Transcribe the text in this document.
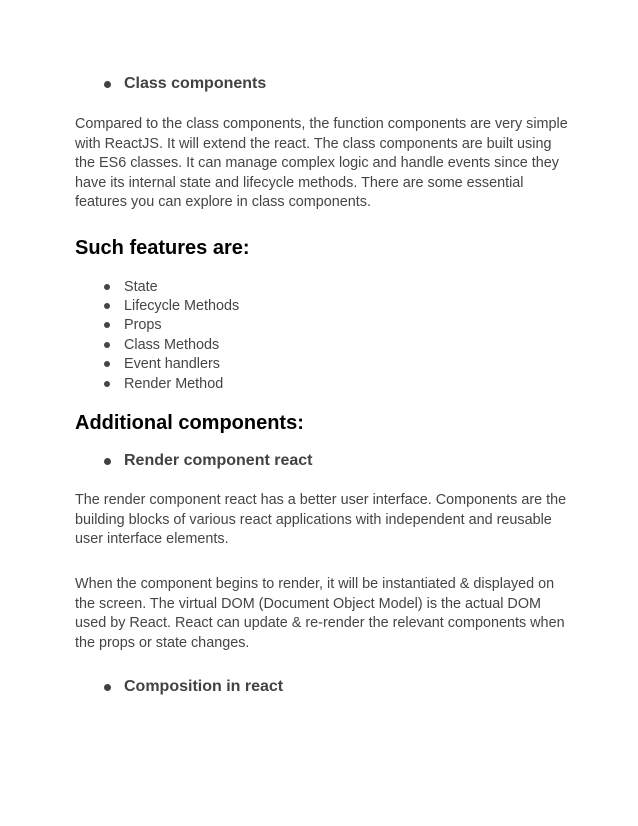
Class components

Compared to the class components, the function components are very simple with ReactJS. It will extend the react. The class components are built using the ES6 classes. It can manage complex logic and handle events since they have its internal state and lifecycle methods. There are some essential features you can explore in class components.

Such features are:
State
Lifecycle Methods
Props
Class Methods
Event handlers
Render Method
Additional components:
Render component react

The render component react has a better user interface. Components are the building blocks of various react applications with independent and reusable user interface elements.

When the component begins to render, it will be instantiated & displayed on the screen. The virtual DOM (Document Object Model) is the actual DOM used by React. React can update & re-render the relevant components when the props or state changes.

Composition in react
